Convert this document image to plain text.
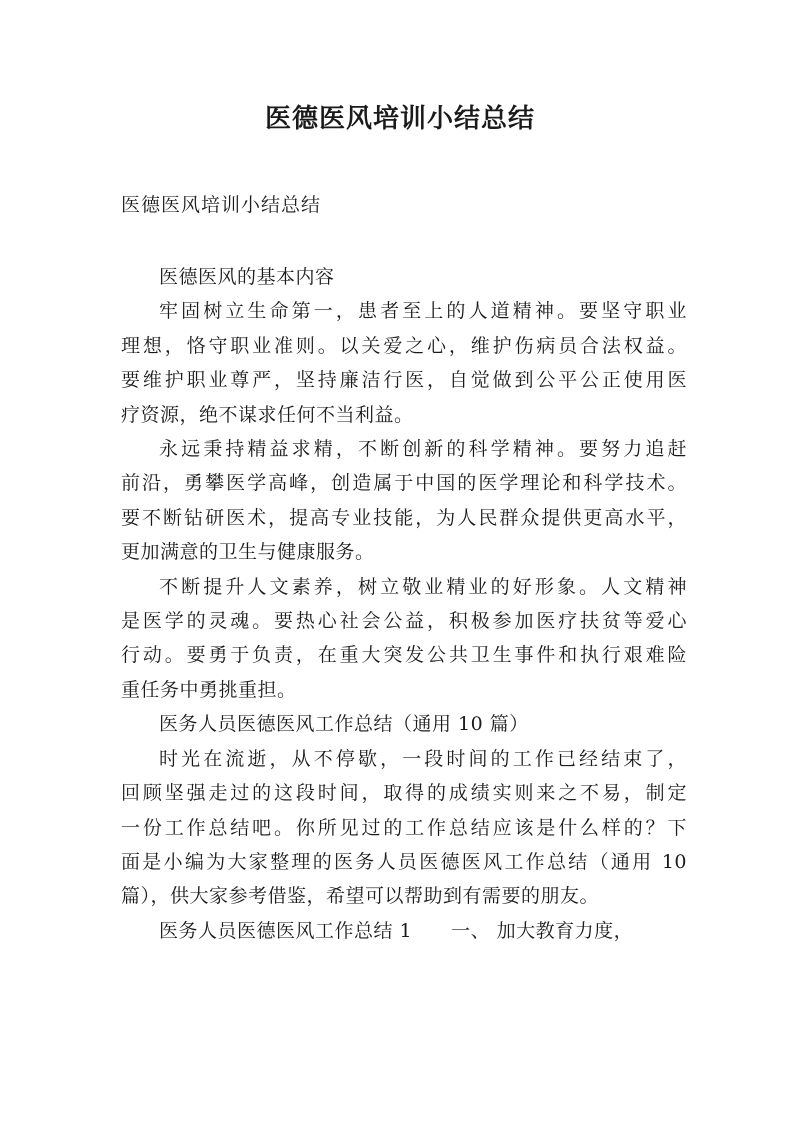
医德医风培训小结总结
医德医风培训小结总结

医德医风的基本内容

牢固树立生命第一，患者至上的人道精神。要坚守职业
理想，恪守职业准则。以关爱之心，维护伤病员合法权益。
要维护职业尊严，坚持廉洁行医，自觉做到公平公正使用医
疗资源，绝不谋求任何不当利益。

永远秉持精益求精，不断创新的科学精神。要努力追赶
前沿，勇攀医学高峰，创造属于中国的医学理论和科学技术。
要不断钻研医术，提高专业技能，为人民群众提供更高水平，
更加满意的卫生与健康服务。

不断提升人文素养，树立敬业精业的好形象。人文精神
是医学的灵魂。要热心社会公益，积极参加医疗扶贫等爱心
行动。要勇于负责，在重大突发公共卫生事件和执行艰难险
重任务中勇挑重担。

医务人员医德医风工作总结（通用 10 篇）

时光在流逝，从不停歇，一段时间的工作已经结束了，
回顾坚强走过的这段时间，取得的成绩实则来之不易，制定
一份工作总结吧。你所见过的工作总结应该是什么样的？下
面是小编为大家整理的医务人员医德医风工作总结（通用 10
篇），供大家参考借鉴，希望可以帮助到有需要的朋友。

医务人员医德医风工作总结 1　　一、 加大教育力度，
